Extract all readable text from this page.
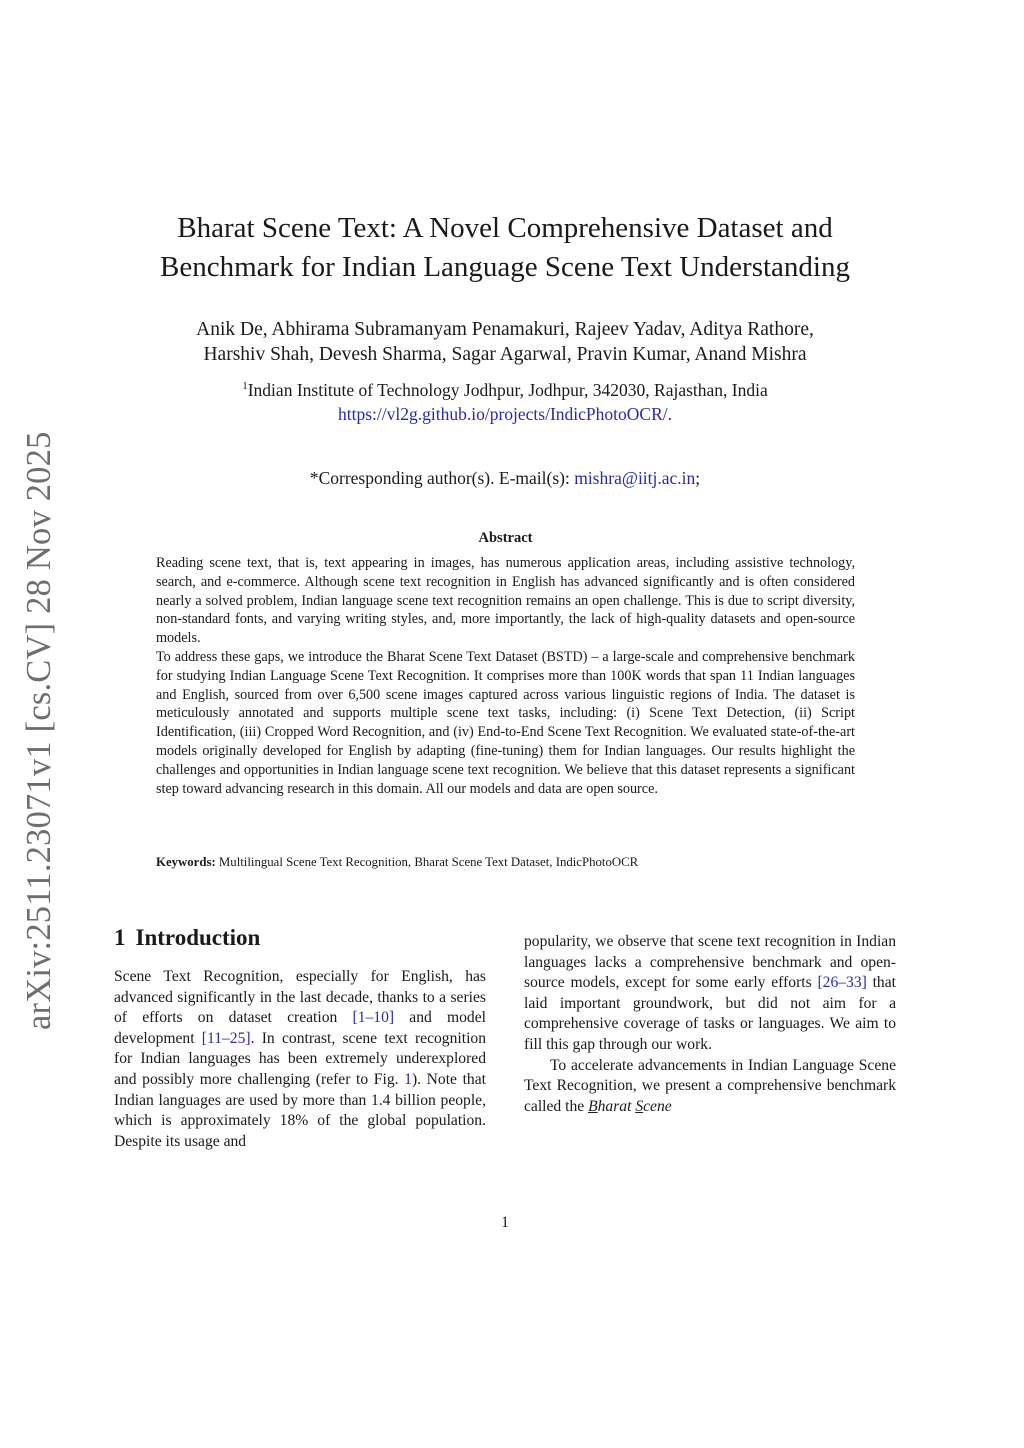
arXiv:2511.23071v1 [cs.CV] 28 Nov 2025
Bharat Scene Text: A Novel Comprehensive Dataset and
Benchmark for Indian Language Scene Text Understanding
Anik De, Abhirama Subramanyam Penamakuri, Rajeev Yadav, Aditya Rathore,
Harshiv Shah, Devesh Sharma, Sagar Agarwal, Pravin Kumar, Anand Mishra
$^1$Indian Institute of Technology Jodhpur, Jodhpur, 342030, Rajasthan, India
https://vl2g.github.io/projects/IndicPhotoOCR/.
*Corresponding author(s). E-mail(s): mishra@iitj.ac.in;
Abstract

Reading scene text, that is, text appearing in images, has numerous application areas, including assistive technology, search, and e-commerce. Although scene text recognition in English has advanced significantly and is often considered nearly a solved problem, Indian language scene text recognition remains an open challenge. This is due to script diversity, non-standard fonts, and varying writing styles, and, more importantly, the lack of high-quality datasets and open-source models.

To address these gaps, we introduce the Bharat Scene Text Dataset (BSTD) – a large-scale and comprehensive benchmark for studying Indian Language Scene Text Recognition. It comprises more than 100K words that span 11 Indian languages and English, sourced from over 6,500 scene images captured across various linguistic regions of India. The dataset is meticulously annotated and supports multiple scene text tasks, including: (i) Scene Text Detection, (ii) Script Identification, (iii) Cropped Word Recognition, and (iv) End-to-End Scene Text Recognition. We evaluated state-of-the-art models originally developed for English by adapting (fine-tuning) them for Indian languages. Our results highlight the challenges and opportunities in Indian language scene text recognition. We believe that this dataset represents a significant step toward advancing research in this domain. All our models and data are open source.

Keywords: Multilingual Scene Text Recognition, Bharat Scene Text Dataset, IndicPhotoOCR
1 Introduction

Scene Text Recognition, especially for English, has advanced significantly in the last decade, thanks to a series of efforts on dataset creation [1–10] and model development [11–25]. In contrast, scene text recognition for Indian languages has been extremely underexplored and possibly more challenging (refer to Fig. 1). Note that Indian languages are used by more than 1.4 billion people, which is approximately 18% of the global population. Despite its usage and

popularity, we observe that scene text recognition in Indian languages lacks a comprehensive benchmark and open-source models, except for some early efforts [26–33] that laid important groundwork, but did not aim for a comprehensive coverage of tasks or languages. We aim to fill this gap through our work.

To accelerate advancements in Indian Language Scene Text Recognition, we present a comprehensive benchmark called the Bharat Scene

1
